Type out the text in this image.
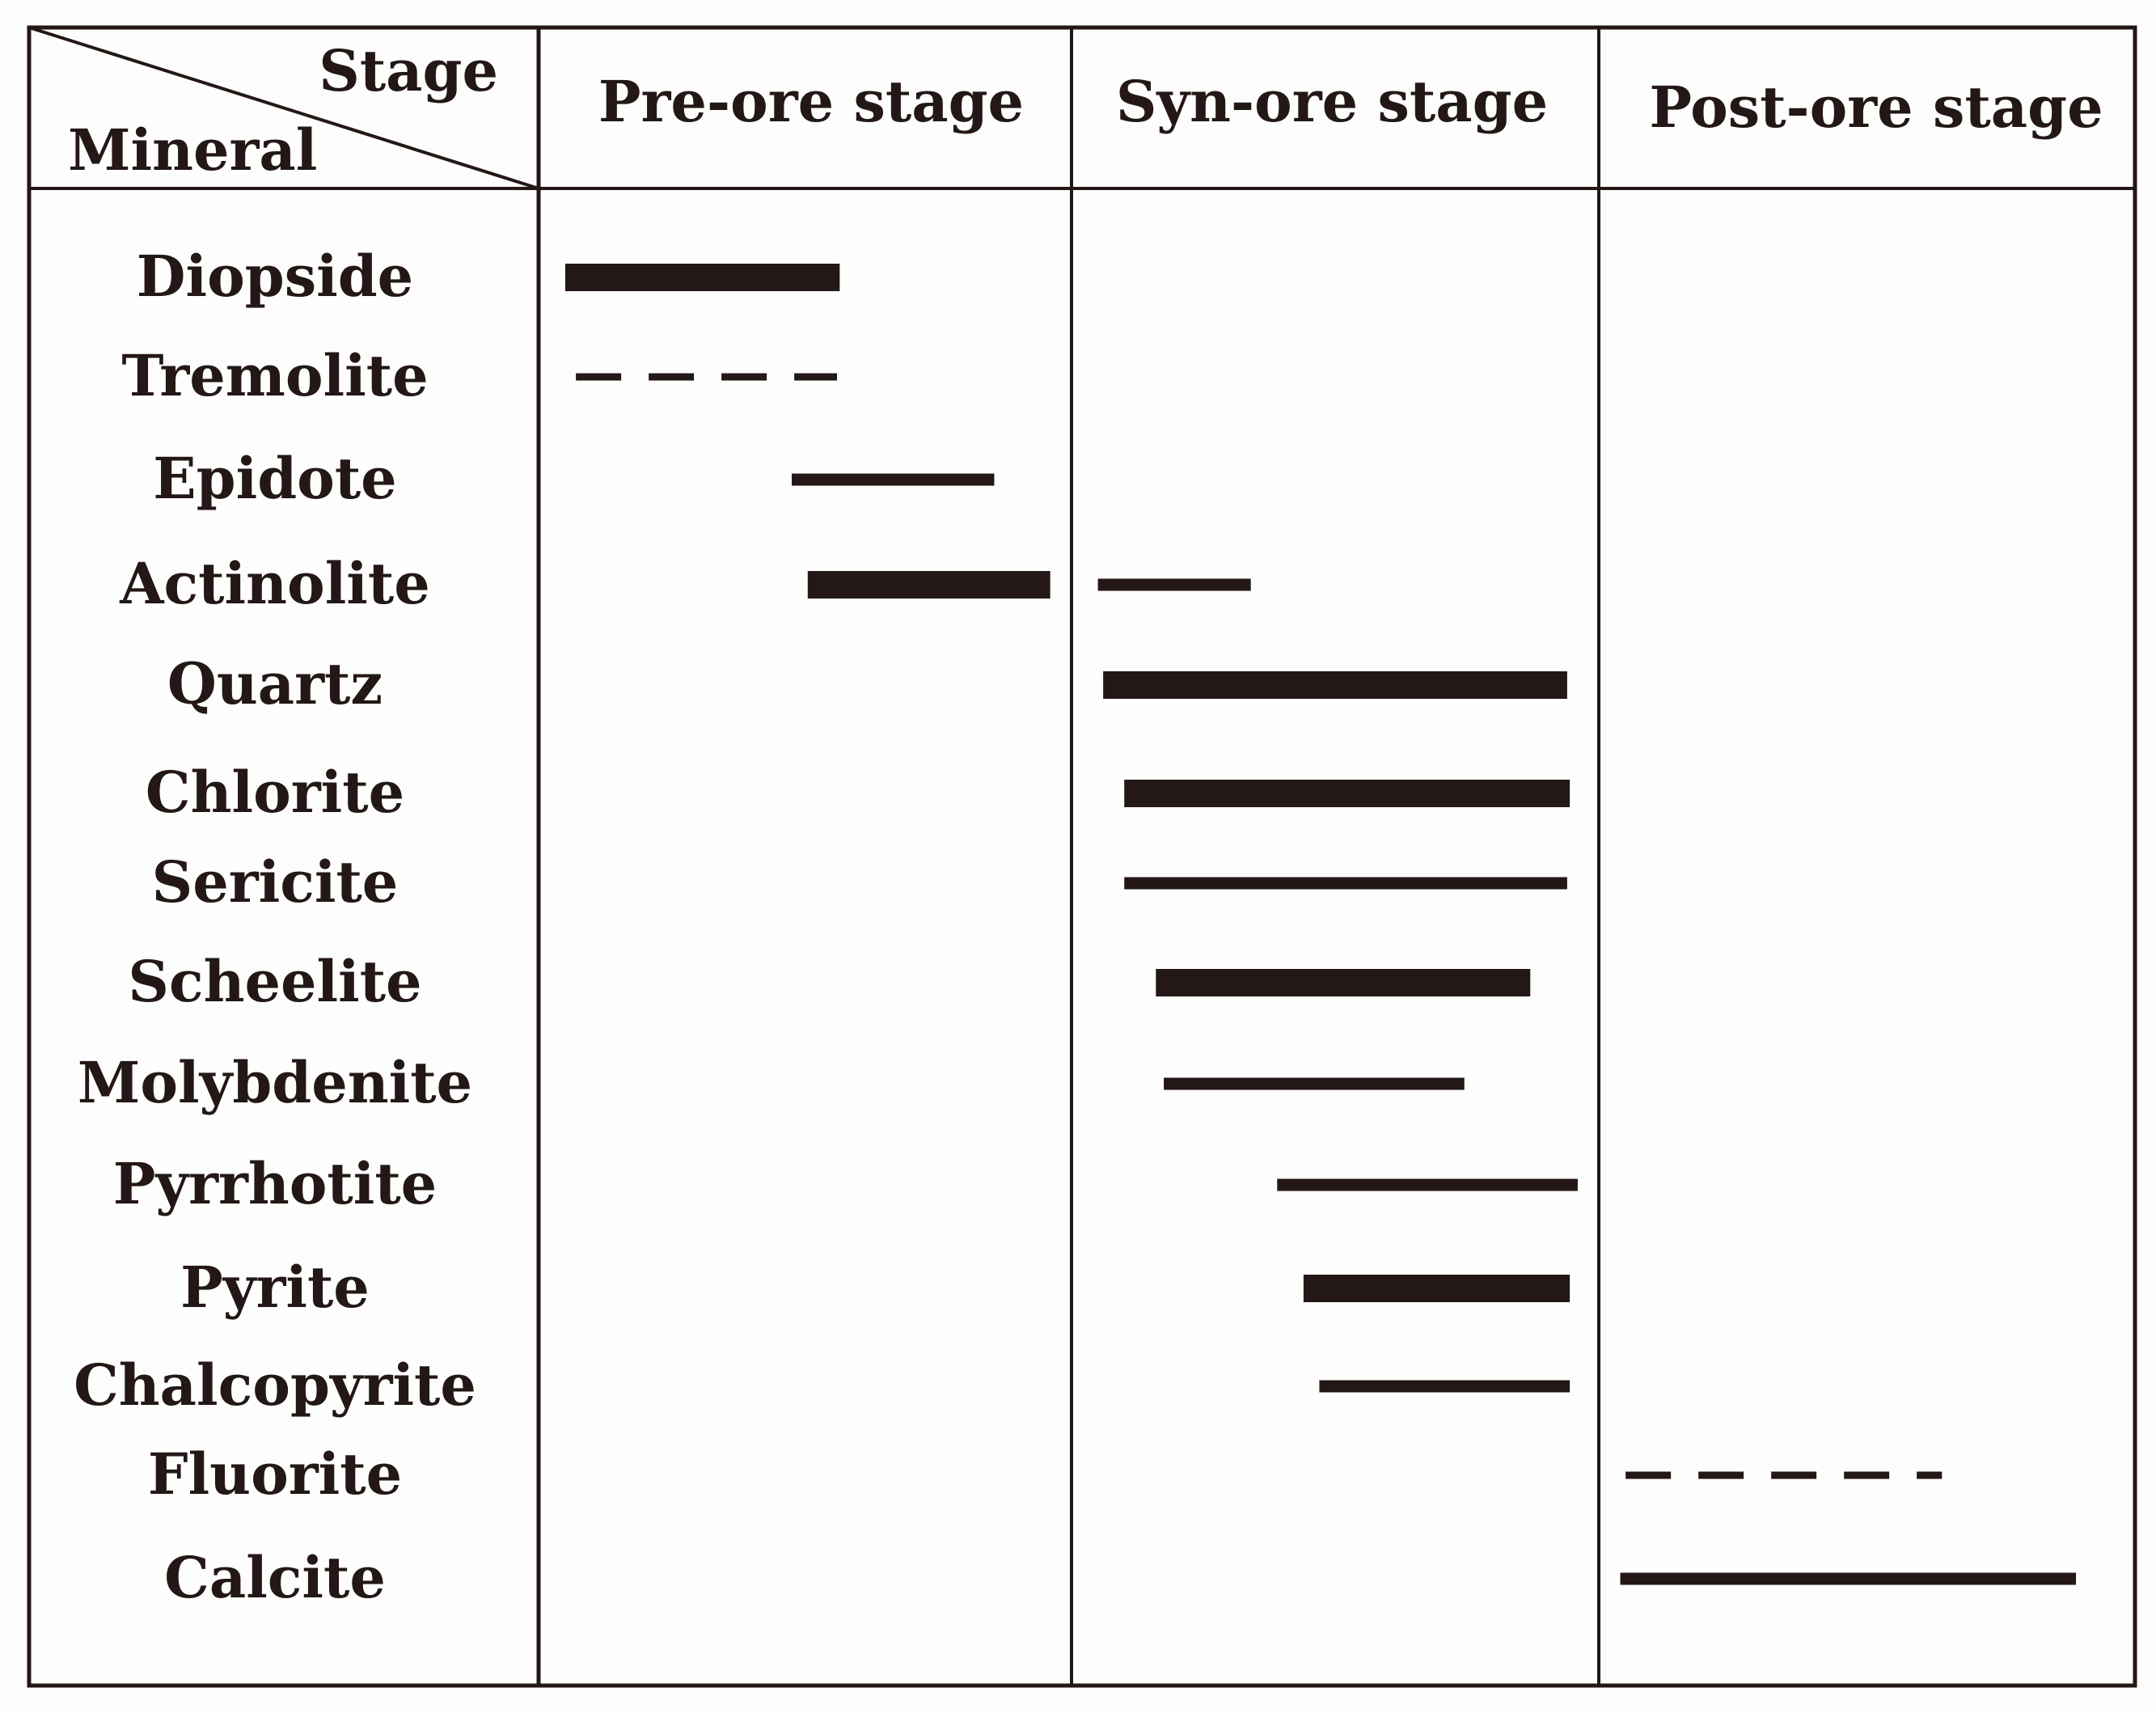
Stage
Mineral
Pre-ore stage Syn-ore stage Post-ore stage
Diopside
Tremolite
Epidote
Actinolite
Quartz
Chlorite
Sericite
Scheelite
Molybdenite
Pyrrhotite
Pyrite
Chalcopyrite
Fluorite
Calcite
